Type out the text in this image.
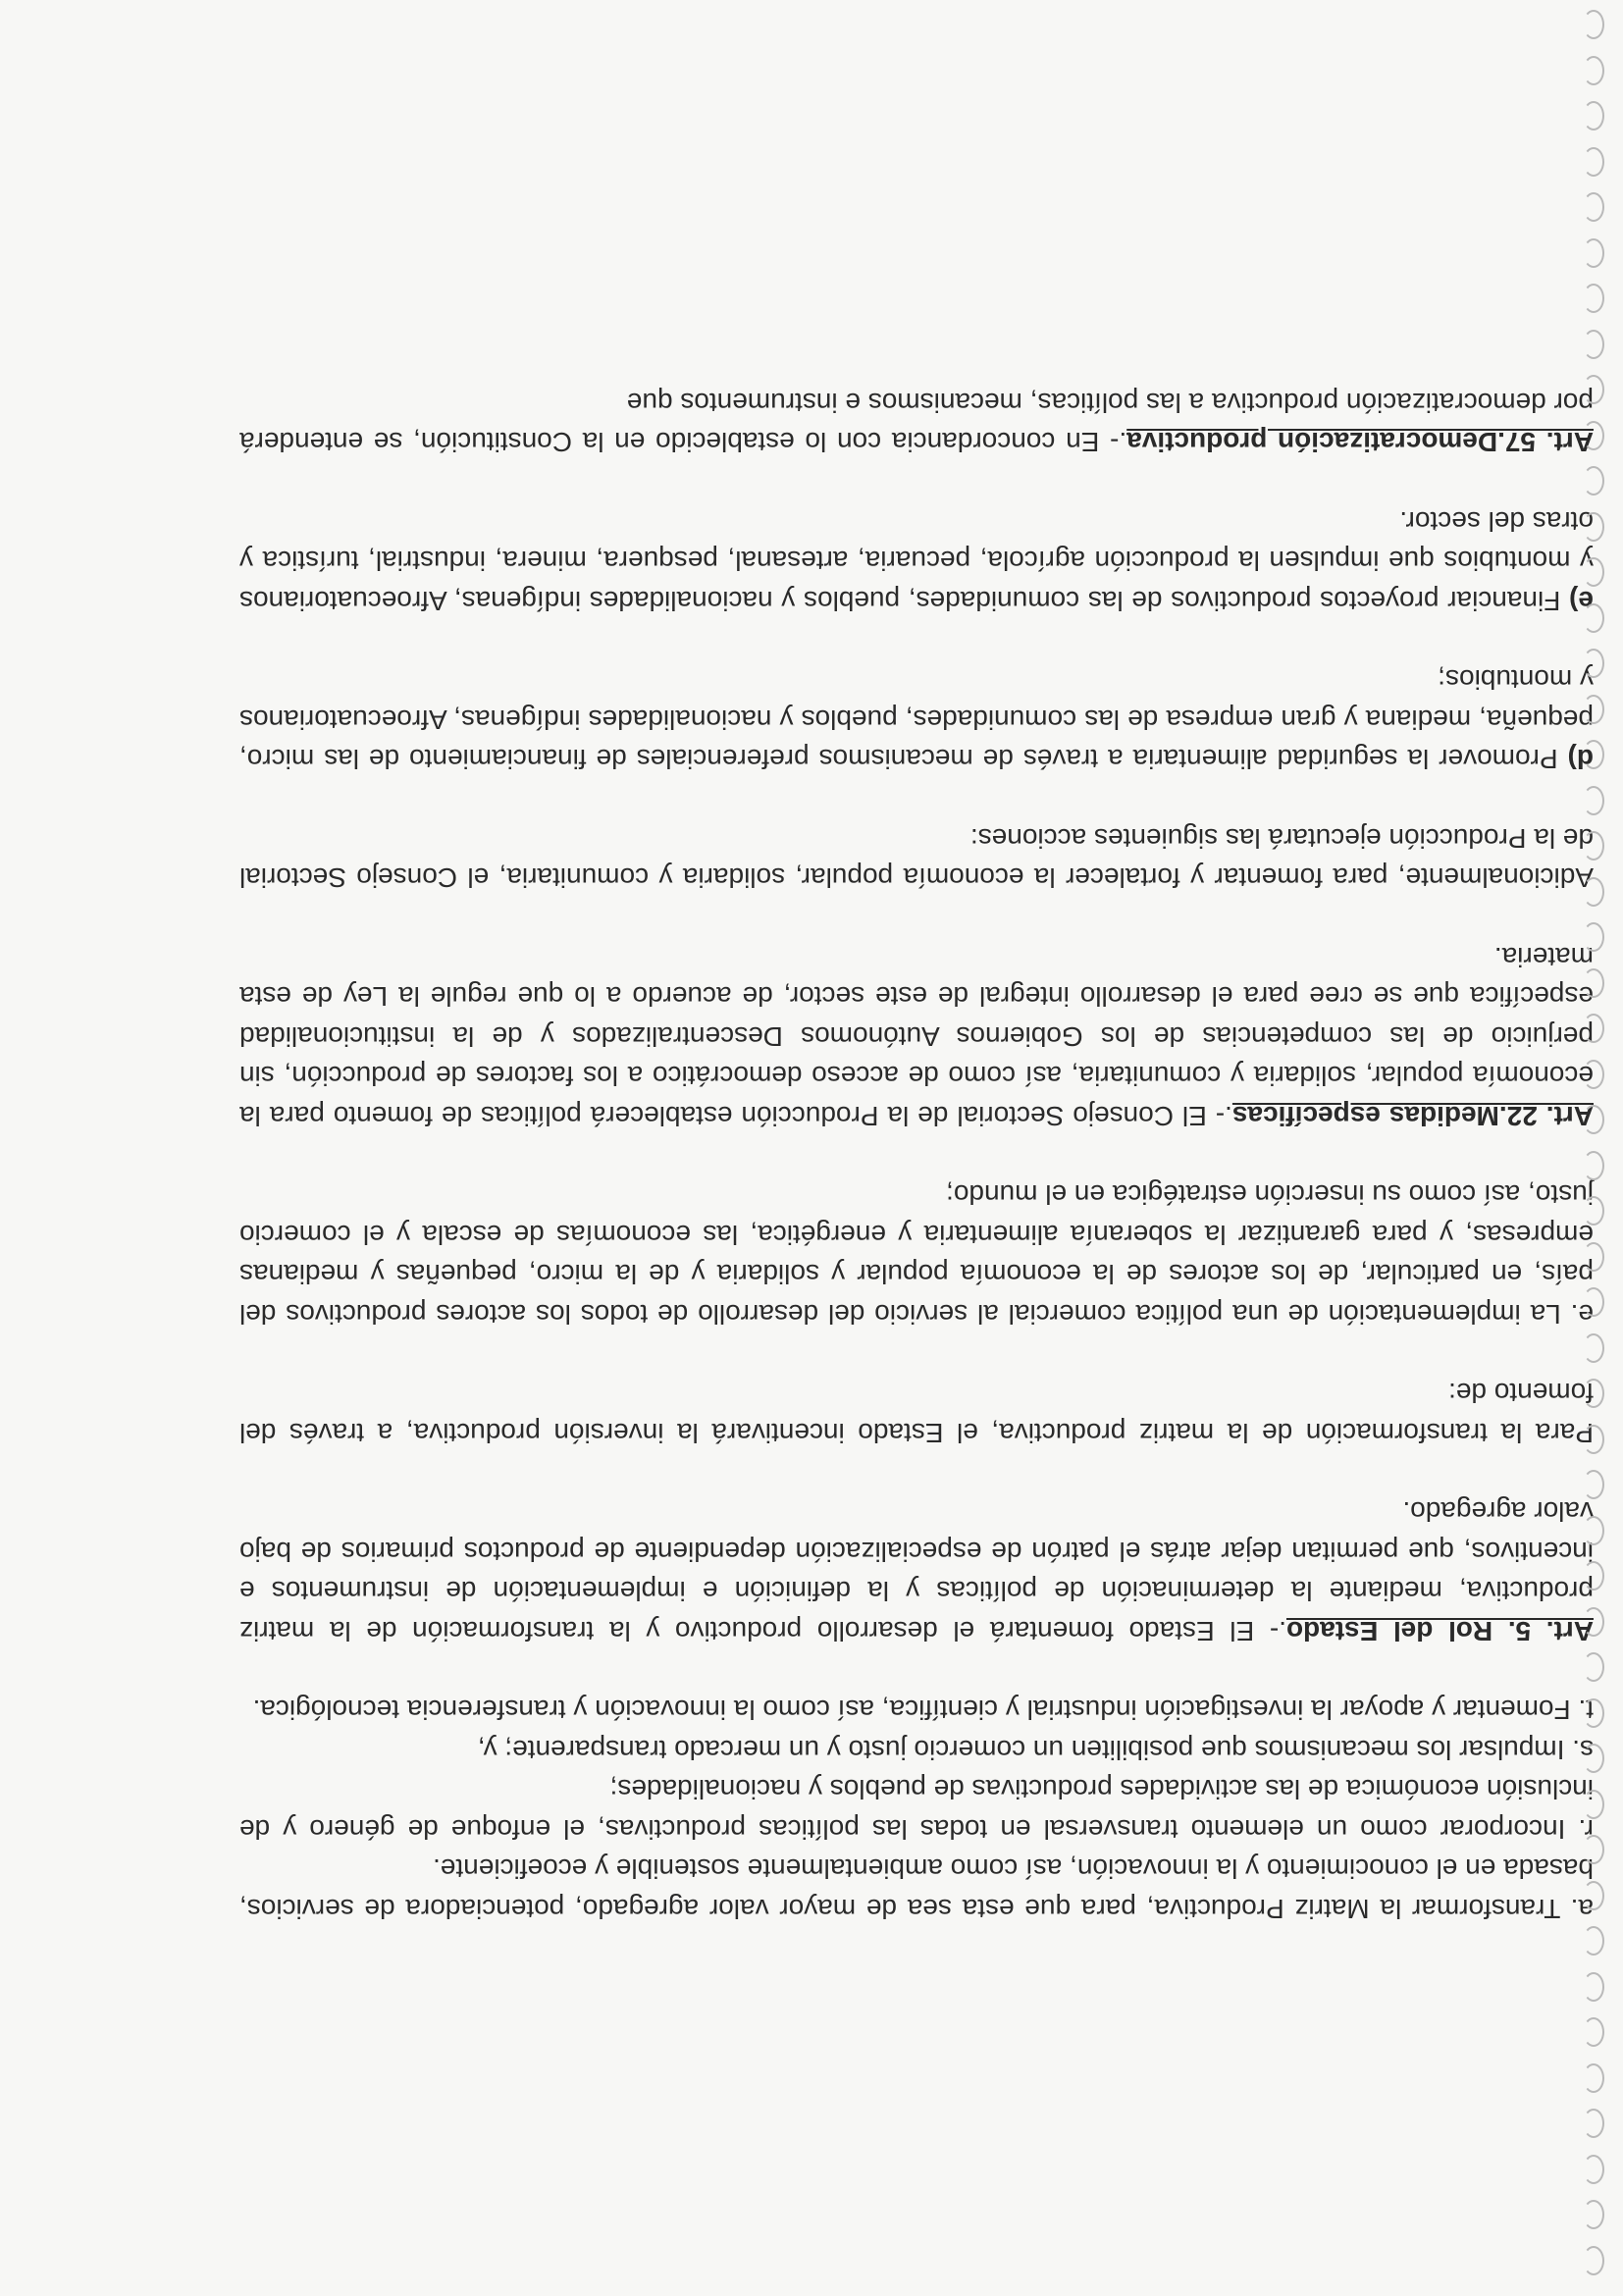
a. Transformar la Matriz Productiva, para que esta sea de mayor valor agregado, potenciadora de servicios, basada en el conocimiento y la innovación, así como ambientalmente sostenible y ecoeficiente.

r. Incorporar como un elemento transversal en todas las políticas productivas, el enfoque de género y de inclusión económica de las actividades productivas de pueblos y nacionalidades;

s. Impulsar los mecanismos que posibiliten un comercio justo y un mercado transparente; y,

t. Fomentar y apoyar la investigación industrial y científica, así como la innovación y transferencia tecnológica.

Art. 5. Rol del Estado.- El Estado fomentará el desarrollo productivo y la transformación de la matriz productiva, mediante la determinación de políticas y la definición e implementación de instrumentos e incentivos, que permitan dejar atrás el patrón de especialización dependiente de productos primarios de bajo valor agregado.

Para la transformación de la matriz productiva, el Estado incentivará la inversión productiva, a través del fomento de:

e. La implementación de una política comercial al servicio del desarrollo de todos los actores productivos del país, en particular, de los actores de la economía popular y solidaria y de la micro, pequeñas y medianas empresas, y para garantizar la soberanía alimentaria y energética, las economías de escala y el comercio justo, así como su inserción estratégica en el mundo;

Art. 22.Medidas específicas.- El Consejo Sectorial de la Producción establecerá políticas de fomento para la economía popular, solidaria y comunitaria, así como de acceso democrático a los factores de producción, sin perjuicio de las competencias de los Gobiernos Autónomos Descentralizados y de la institucionalidad específica que se cree para el desarrollo integral de este sector, de acuerdo a lo que regule la Ley de esta materia.

Adicionalmente, para fomentar y fortalecer la economía popular, solidaria y comunitaria, el Consejo Sectorial de la Producción ejecutará las siguientes acciones:

d) Promover la seguridad alimentaria a través de mecanismos preferenciales de financiamiento de las micro, pequeña, mediana y gran empresa de las comunidades, pueblos y nacionalidades indígenas, Afroecuatorianos y montubios;

e) Financiar proyectos productivos de las comunidades, pueblos y nacionalidades indígenas, Afroecuatorianos y montubios que impulsen la producción agrícola, pecuaria, artesanal, pesquera, minera, industrial, turística y otras del sector.

Art. 57.Democratización productiva.- En concordancia con lo establecido en la Constitución, se entenderá por democratización productiva a las políticas, mecanismos e instrumentos que
